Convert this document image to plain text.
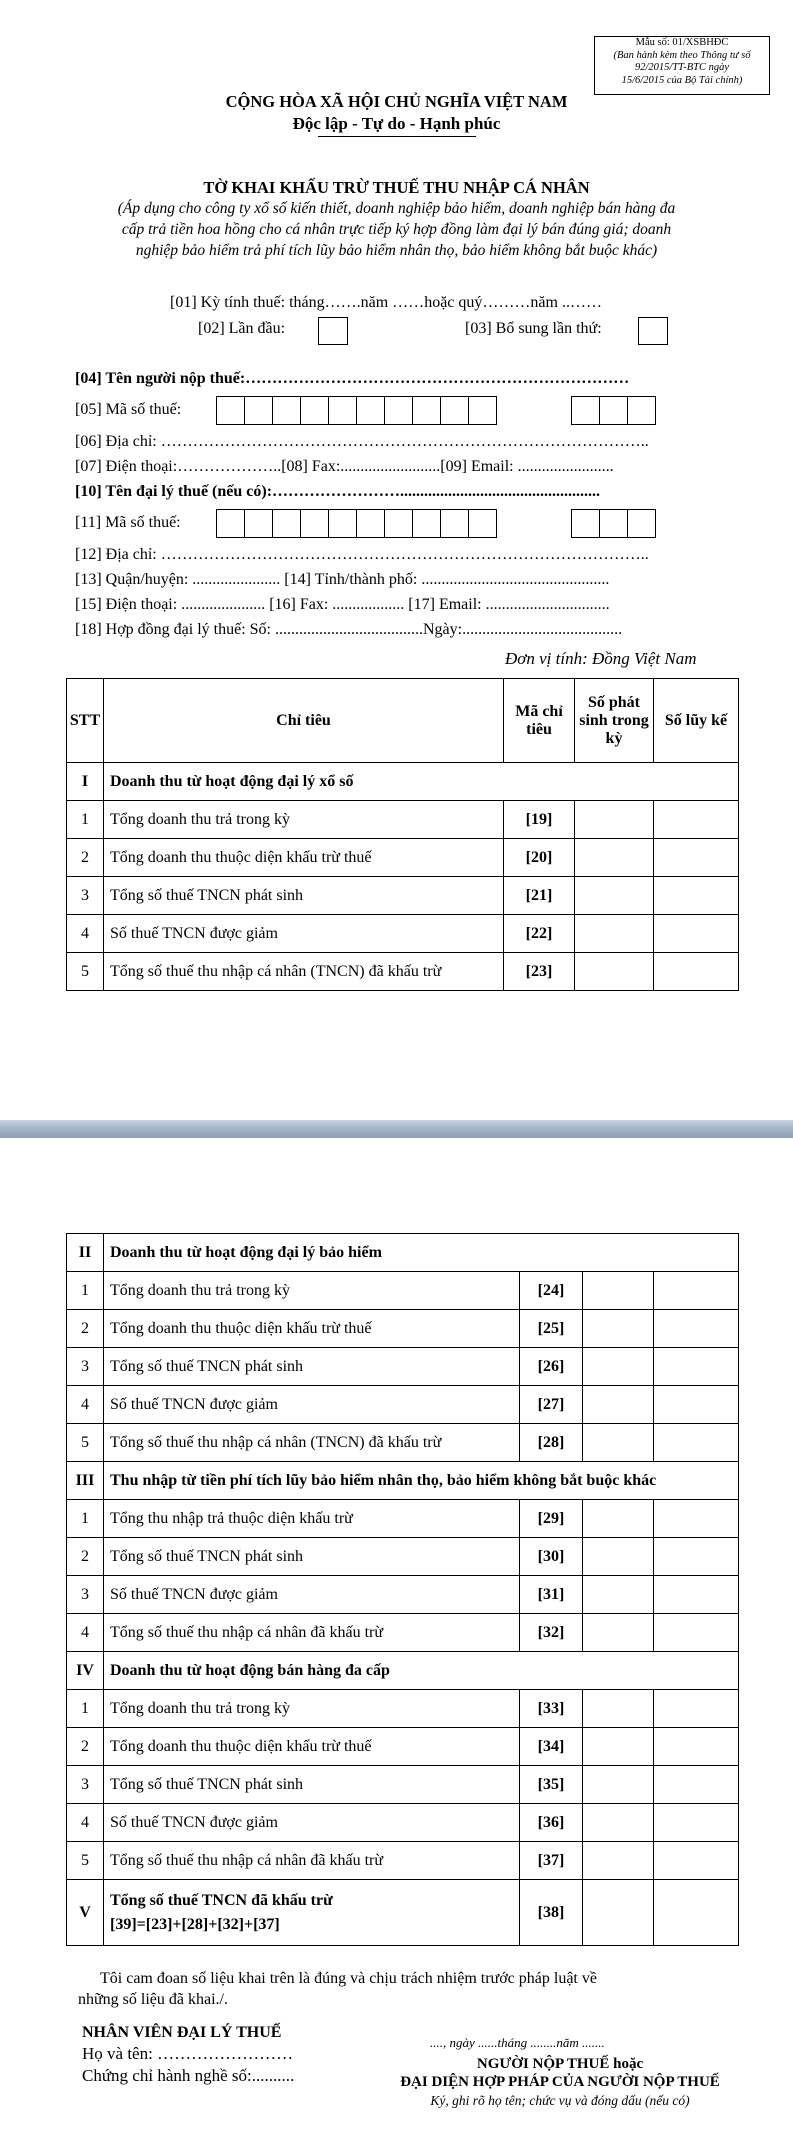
Mẫu số: 01/XSBHĐC
(Ban hành kèm theo Thông tư số
92/2015/TT-BTC ngày
15/6/2015 của Bộ Tài chính)
CỘNG HÒA XÃ HỘI CHỦ NGHĨA VIỆT NAM
Độc lập - Tự do - Hạnh phúc
TỜ KHAI KHẤU TRỪ THUẾ THU NHẬP CÁ NHÂN
(Áp dụng cho công ty xổ số kiến thiết, doanh nghiệp bảo hiểm, doanh nghiệp bán hàng đa
cấp trả tiền hoa hồng cho cá nhân trực tiếp ký hợp đồng làm đại lý bán đúng giá; doanh
nghiệp bảo hiểm trả phí tích lũy bảo hiểm nhân thọ, bảo hiểm không bắt buộc khác)
[01] Kỳ tính thuế: tháng…….năm ……hoặc quý………năm ..……
[02] Lần đầu:	[03] Bổ sung lần thứ:
[04] Tên người nộp thuế:………………………………………………………………
[05] Mã số thuế:
[06] Địa chỉ: ………………………………………………………………………………..
[07] Điện thoại:………………..[08] Fax:.........................[09] Email: ........................
[10] Tên đại lý thuế (nếu có):……………………..................................................
[11] Mã số thuế:
[12] Địa chỉ: ………………………………………………………………………………..
[13] Quận/huyện: ...................... [14] Tỉnh/thành phố: ...............................................
[15] Điện thoại: ..................... [16] Fax: .................. [17] Email: ...............................
[18] Hợp đồng đại lý thuế: Số: .....................................Ngày:........................................
Đơn vị tính: Đồng Việt Nam
STT	Chỉ tiêu	Mã chỉ tiêu	Số phát sinh trong kỳ	Số lũy kế
I	Doanh thu từ hoạt động đại lý xổ số			
1	Tổng doanh thu trả trong kỳ	[19]		
2	Tổng doanh thu thuộc diện khấu trừ thuế	[20]		
3	Tổng số thuế TNCN phát sinh	[21]		
4	Số thuế TNCN được giảm	[22]		
5	Tổng số thuế thu nhập cá nhân (TNCN) đã khấu trừ	[23]		
II	Doanh thu từ hoạt động đại lý bảo hiểm			
1	Tổng doanh thu trả trong kỳ	[24]		
2	Tổng doanh thu thuộc diện khấu trừ thuế	[25]		
3	Tổng số thuế TNCN phát sinh	[26]		
4	Số thuế TNCN được giảm	[27]		
5	Tổng số thuế thu nhập cá nhân (TNCN) đã khấu trừ	[28]		
III	Thu nhập từ tiền phí tích lũy bảo hiểm nhân thọ, bảo hiểm không bắt buộc khác			
1	Tổng thu nhập trả thuộc diện khấu trừ	[29]		
2	Tổng số thuế TNCN phát sinh	[30]		
3	Số thuế TNCN được giảm	[31]		
4	Tổng số thuế thu nhập cá nhân đã khấu trừ	[32]		
IV	Doanh thu từ hoạt động bán hàng đa cấp			
1	Tổng doanh thu trả trong kỳ	[33]		
2	Tổng doanh thu thuộc diện khấu trừ thuế	[34]		
3	Tổng số thuế TNCN phát sinh	[35]		
4	Số thuế TNCN được giảm	[36]		
5	Tổng số thuế thu nhập cá nhân đã khấu trừ	[37]		
V	Tổng số thuế TNCN đã khấu trừ
[39]=[23]+[28]+[32]+[37]	[38]		
Tôi cam đoan số liệu khai trên là đúng và chịu trách nhiệm trước pháp luật về
những số liệu đã khai./.
NHÂN VIÊN ĐẠI LÝ THUẾ
Họ và tên: ……………………
Chứng chỉ hành nghề số:..........
...., ngày ......tháng ........năm .......
NGƯỜI NỘP THUẾ hoặc
ĐẠI DIỆN HỢP PHÁP CỦA NGƯỜI NỘP THUẾ
Ký, ghi rõ họ tên; chức vụ và đóng dấu (nếu có)
